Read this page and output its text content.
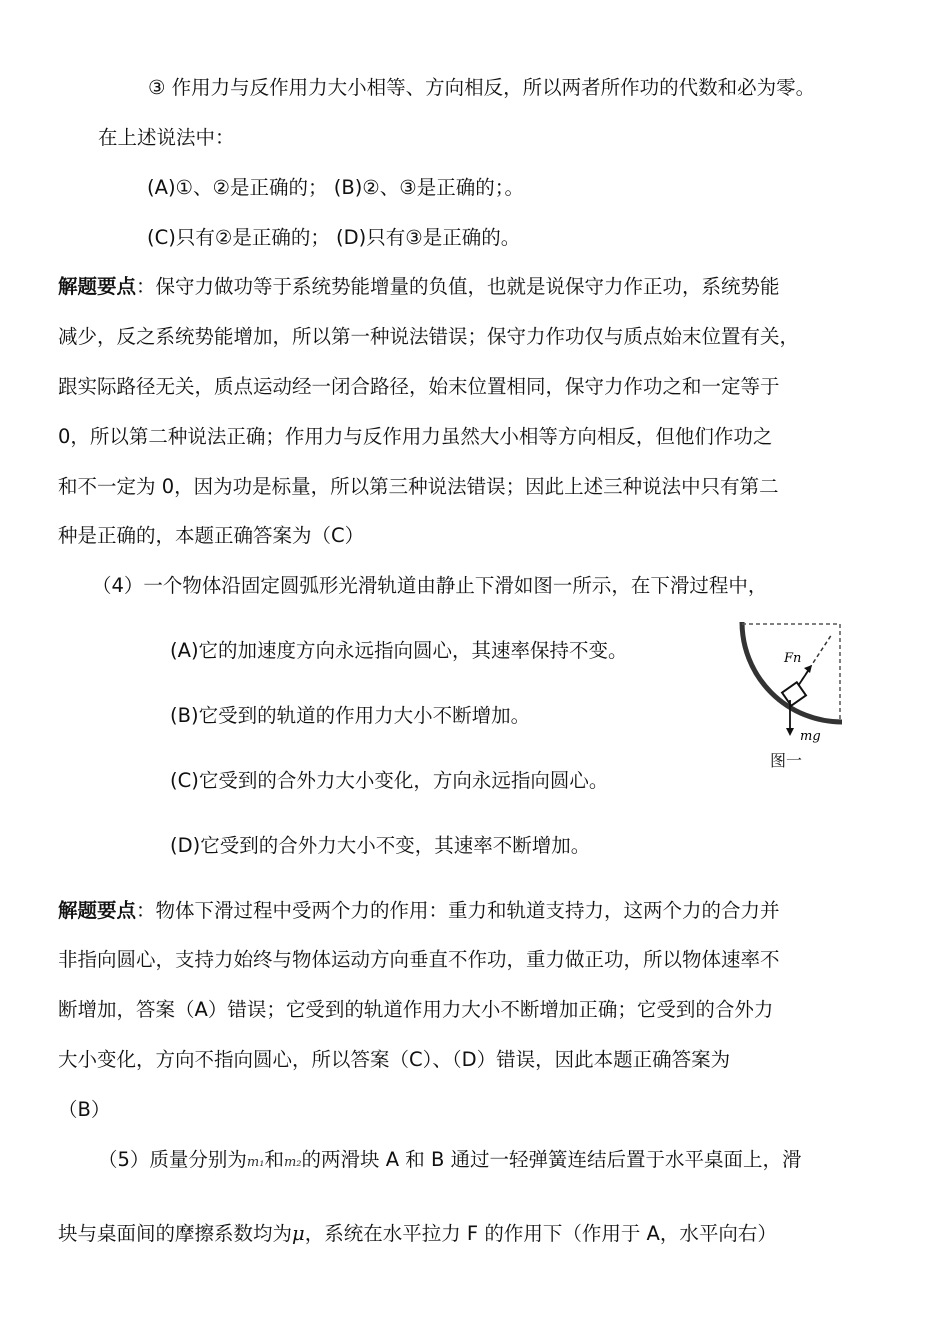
③ 作用力与反作用力大小相等、方向相反，所以两者所作功的代数和必为零。
在上述说法中：
(A)①、②是正确的； (B)②、③是正确的；。
(C)只有②是正确的； (D)只有③是正确的。
解题要点：保守力做功等于系统势能增量的负值，也就是说保守力作正功，系统势能
减少，反之系统势能增加，所以第一种说法错误；保守力作功仅与质点始末位置有关，
跟实际路径无关，质点运动经一闭合路径，始末位置相同，保守力作功之和一定等于
0，所以第二种说法正确；作用力与反作用力虽然大小相等方向相反，但他们作功之
和不一定为 0，因为功是标量，所以第三种说法错误；因此上述三种说法中只有第二
种是正确的，本题正确答案为（C）
（4）一个物体沿固定圆弧形光滑轨道由静止下滑如图一所示，在下滑过程中，
(A)它的加速度方向永远指向圆心，其速率保持不变。
(B)它受到的轨道的作用力大小不断增加。
(C)它受到的合外力大小变化，方向永远指向圆心。
(D)它受到的合外力大小不变，其速率不断增加。
Fn
mg
图一
解题要点：物体下滑过程中受两个力的作用：重力和轨道支持力，这两个力的合力并
非指向圆心，支持力始终与物体运动方向垂直不作功，重力做正功，所以物体速率不
断增加，答案（A）错误；它受到的轨道作用力大小不断增加正确；它受到的合外力
大小变化，方向不指向圆心，所以答案（C）、（D）错误，因此本题正确答案为
（B）
（5）质量分别为m₁和m₂的两滑块 A 和 B 通过一轻弹簧连结后置于水平桌面上，滑
块与桌面间的摩擦系数均为μ，系统在水平拉力 F 的作用下（作用于 A，水平向右）
